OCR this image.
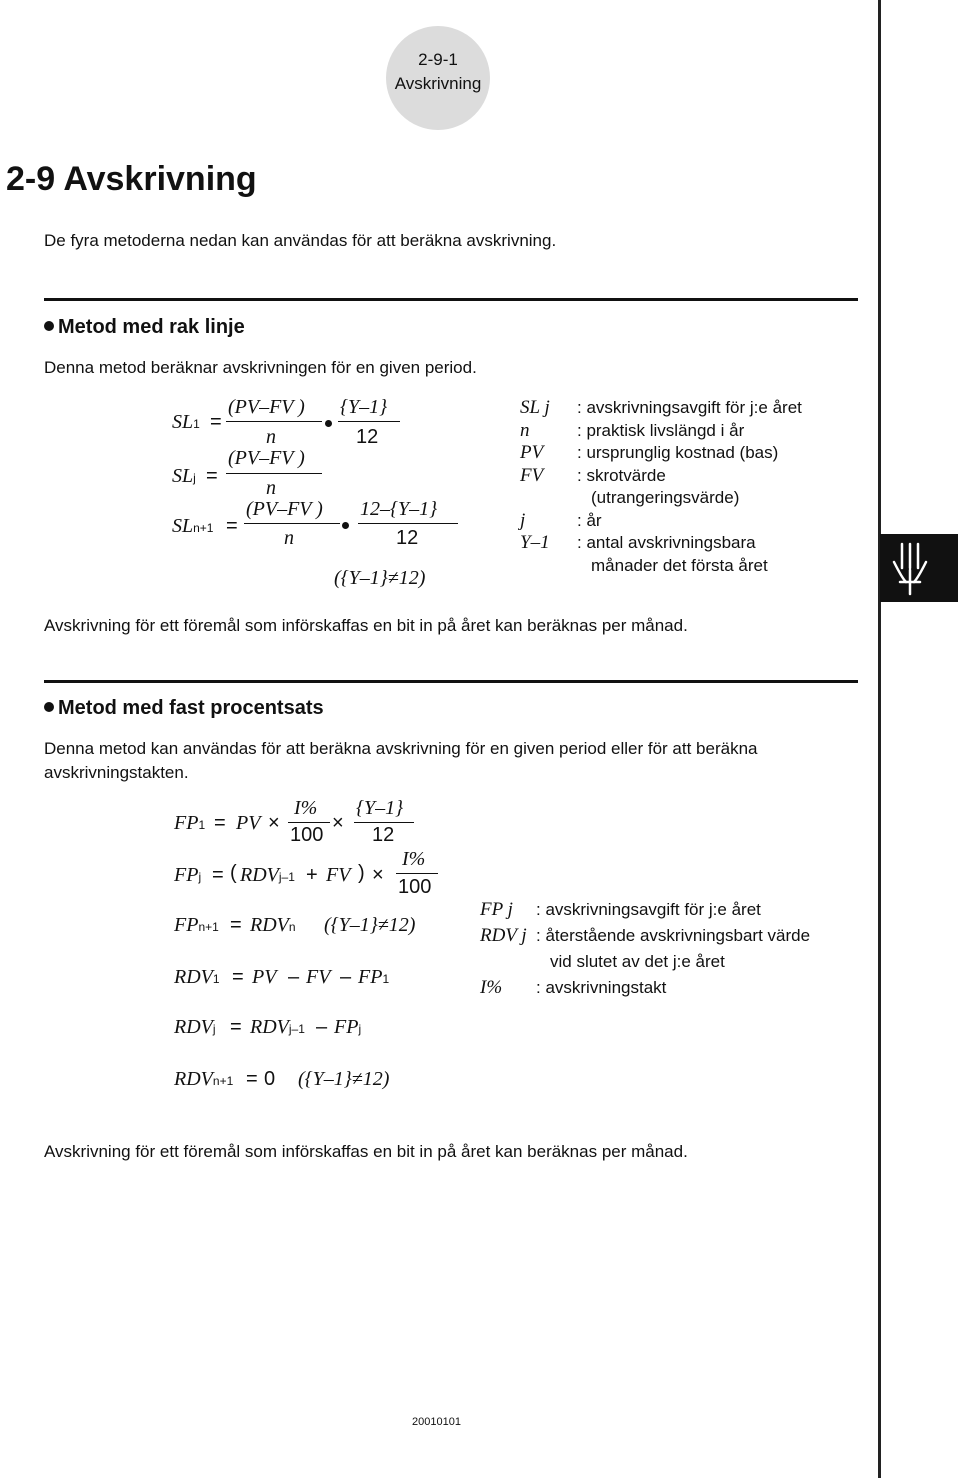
2-9-1
Avskrivning
2-9 Avskrivning
De fyra metoderna nedan kan användas för att beräkna avskrivning.
Metod med rak linje
Denna metod beräknar avskrivningen för en given period.
SL1 =
(PV–FV )
n
{Y–1}
12
SLj =
(PV–FV )
n
SLn+1 =
(PV–FV )
n
12–{Y–1}
12
({Y–1}≠12)
SL j : avskrivningsavgift för j:e året
n	: praktisk livslängd i år
PV : ursprunglig kostnad (bas)
FV : skrotvärde
(utrangeringsvärde)
j	: år
Y–1 : antal avskrivningsbara
månader det första året
Avskrivning för ett föremål som införskaffas en bit in på året kan beräknas per månad.
Metod med fast procentsats
Denna metod kan användas för att beräkna avskrivning för en given period eller för att beräkna avskrivningstakten.
FP1 = PV ×
I%
100
×
{Y–1}
12
FPj = ( RDVj–1 + FV ) ×
I%
100
FPn+1 = RDVn ({Y–1}≠12)
RDV1 = PV – FV – FP1
RDVj = RDVj–1 – FPj
RDVn+1 = 0 ({Y–1}≠12)
FP j : avskrivningsavgift för j:e året
RDV j : återstående avskrivningsbart värde
vid slutet av det j:e året
I% : avskrivningstakt
Avskrivning för ett föremål som införskaffas en bit in på året kan beräknas per månad.
20010101
